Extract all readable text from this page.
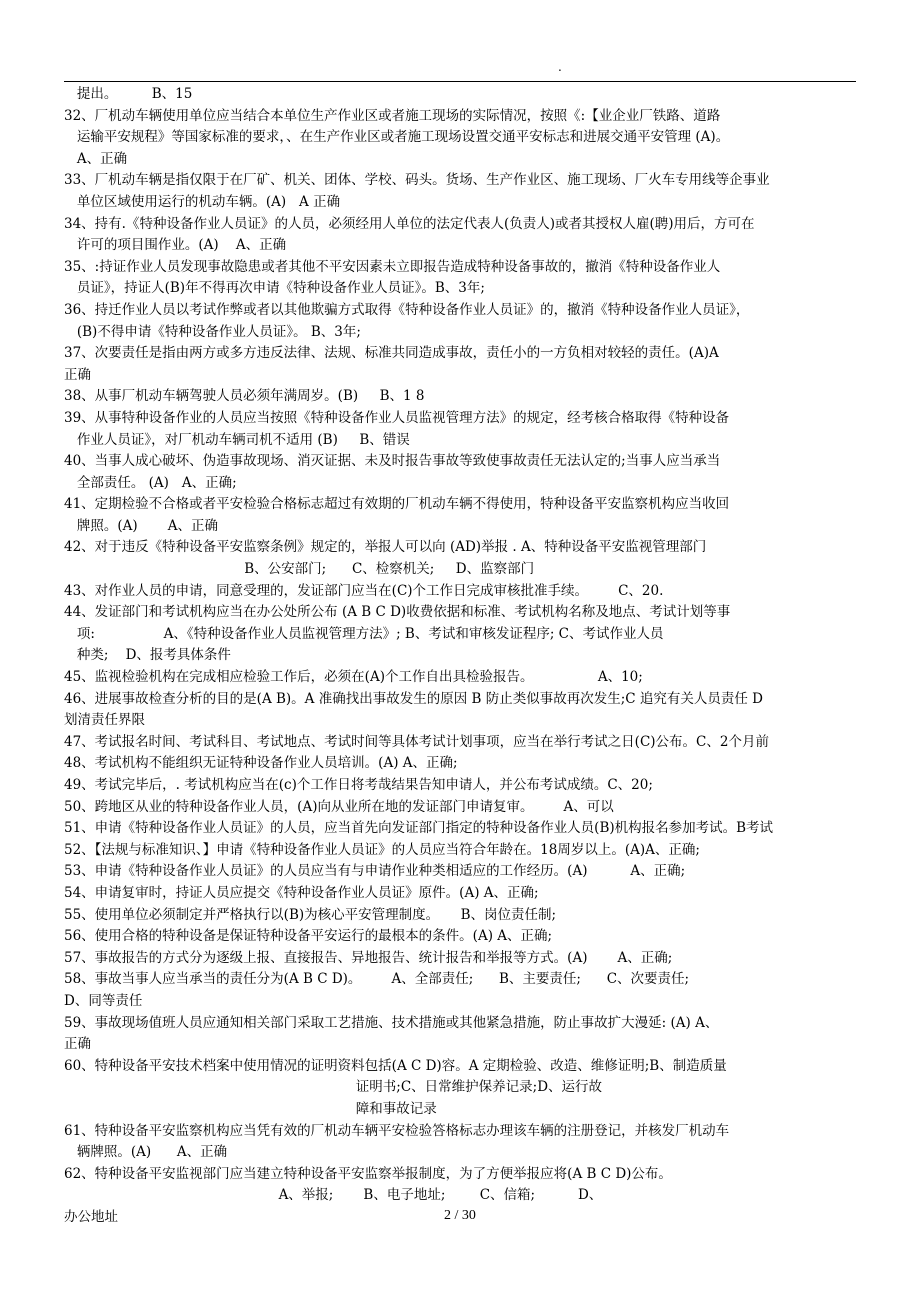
.
提出。        B、15
32、厂机动车辆使用单位应当结合本单位生产作业区或者施工现场的实际情况，按照《:【业企业厂铁路、道路
运输平安规程》等国家标准的要求，、在生产作业区或者施工现场设置交通平安标志和进展交通平安管理 (A)。
A、正确
33、厂机动车辆是指仅限于在厂矿、机关、团体、学校、码头。货场、生产作业区、施工现场、厂火车专用线等企事业
单位区域使用运行的机动车辆。(A)   A 正确
34、持有.《特种设备作业人员证》的人员，必须经用人单位的法定代表人(负责人)或者其授权人雇(聘)用后，方可在
许可的项目围作业。(A)    A、正确
35、:持证作业人员发现事故隐患或者其他不平安因素未立即报告造成特种设备事故的，撤消《特种设备作业人
员证》，持证人(B)年不得再次申请《特种设备作业人员证》。B、3年;
36、持迁作业人员以考试作弊或者以其他欺骗方式取得《特种设备作业人员证》的，撤消《特种设备作业人员证》，
(B)不得申请《特种设备作业人员证》。 B、3年;
37、次要责任是指由两方或多方违反法律、法规、标准共同造成事故，责任小的一方负相对较轻的责任。(A)A
正确
38、从事厂机动车辆驾驶人员必须年满周岁。(B)     B、1 8
39、从事特种设备作业的人员应当按照《特种设备作业人员监视管理方法》的规定，经考核合格取得《特种设备
作业人员证》，对厂机动车辆司机不适用 (B)     B、错误
40、当事人成心破坏、伪造事故现场、消灭证据、未及时报告事故等致使事故责任无法认定的;当事人应当承当
全部责任。 (A)   A、正确;
41、定期检验不合格或者平安检验合格标志超过有效期的厂机动车辆不得使用，特种设备平安监察机构应当收回
牌照。(A)       A、正确
42、对于违反《特种设备平安监察条例》规定的，举报人可以向 (AD)举报 . A、特种设备平安监视管理部门
B、公安部门;      C、检察机关;     D、监察部门
43、对作业人员的申请，同意受理的，发证部门应当在(C)个工作日完成审核批准手续。       C、20.
44、发证部门和考试机构应当在办公处所公布 (A B C D)收费依据和标准、考试机构名称及地点、考试计划等事
项:                A、《特种设备作业人员监视管理方法》; B、考试和审核发证程序; C、考试作业人员
种类;    D、报考具体条件
45、监视检验机构在完成相应检验工作后，必须在(A)个工作自出具检验报告。               A、10;
46、进展事故检查分析的目的是(A B)。A 准确找出事故发生的原因 B 防止类似事故再次发生;C 追究有关人员责任 D
划清责任界限
47、考试报名时间、考试科目、考试地点、考试时间等具体考试计划事项，应当在举行考试之日(C)公布。C、2个月前
48、考试机构不能组织无证特种设备作业人员培训。(A) A、正确;
49、考试完毕后，. 考试机构应当在(c)个工作日将考哉结果告知申请人，并公布考试成绩。C、20;
50、跨地区从业的特种设备作业人员，(A)向从业所在地的发证部门申请复审。       A、可以
51、申请《特种设备作业人员证》的人员，应当首先向发证部门指定的特种设备作业人员(B)机构报名参加考试。B考试
52、【法规与标准知识、】申请《特种设备作业人员证》的人员应当符合年龄在。18周岁以上。(A)A、正确;
53、申请《特种设备作业人员证》的人员应当有与申请作业种类相适应的工作经历。(A)          A、正确;
54、申请复审时，持证人员应提交《特种设备作业人员证》原件。(A) A、正确;
55、使用单位必须制定并严格执行以(B)为核心平安管理制度。     B、岗位责任制;
56、使用合格的特种设备是保证特种设备平安运行的最根本的条件。(A) A、正确;
57、事故报告的方式分为逐级上报、直接报告、异地报告、统计报告和举报等方式。(A)       A、正确;
58、事故当事人应当承当的责任分为(A B C D)。       A、全部责任;      B、主要责任;      C、次要责任;
D、同等责任
59、事故现场值班人员应通知相关部门采取工艺措施、技术措施或其他紧急措施，防止事故扩大漫延: (A) A、
正确
60、特种设备平安技术档案中使用情况的证明资料包括(A C D)容。A 定期检验、改造、维修证明;B、制造质量
证明书;C、日常维护保养记录;D、运行故
障和事故记录
61、特种设备平安监察机构应当凭有效的厂机动车辆平安检验答格标志办理该车辆的注册登记，并核发厂机动车
辆牌照。(A)      A、正确
62、特种设备平安监视部门应当建立特种设备平安监察举报制度，为了方便举报应将(A B C D)公布。
A、举报;       B、电子地址;        C、信箱;          D、
办公地址	2 / 30
